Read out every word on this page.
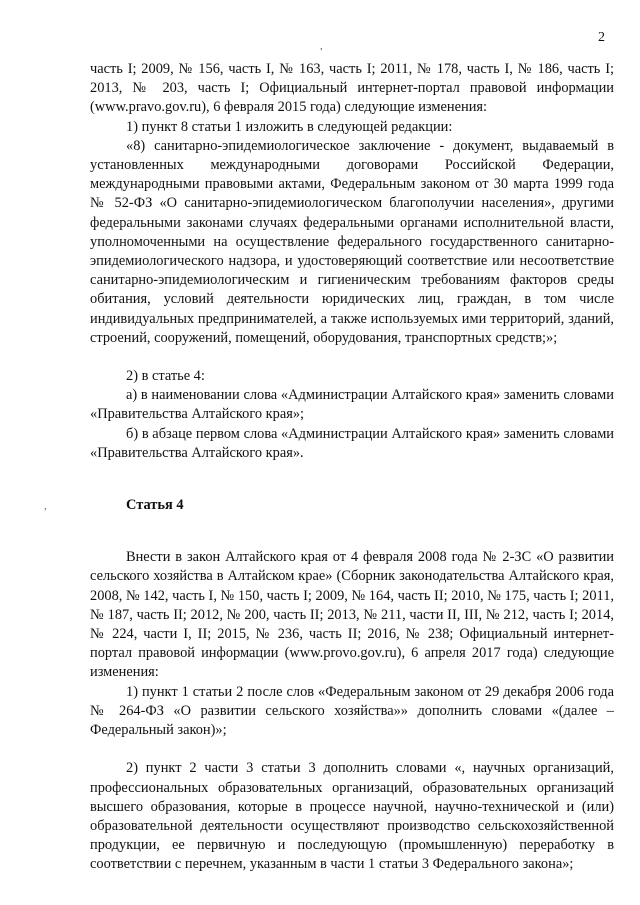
2
,
,

часть I; 2009, № 156, часть I, № 163, часть I; 2011, № 178, часть I, № 186, часть I; 2013, № 203, часть I; Официальный интернет-портал правовой информации (www.pravo.gov.ru), 6 февраля 2015 года) следующие изменения:

1) пункт 8 статьи 1 изложить в следующей редакции:

«8) санитарно-эпидемиологическое заключение - документ, выдаваемый в установленных международными договорами Российской Федерации, международными правовыми актами, Федеральным законом от 30 марта 1999 года № 52-ФЗ «О санитарно-эпидемиологическом благополучии населения», другими федеральными законами случаях федеральными органами исполнительной власти, уполномоченными на осуществление федерального государственного санитарно-эпидемиологического надзора, и удостоверяющий соответствие или несоответствие санитарно-эпидемиологическим и гигиеническим требованиям факторов среды обитания, условий деятельности юридических лиц, граждан, в том числе индивидуальных предпринимателей, а также используемых ими территорий, зданий, строений, сооружений, помещений, оборудования, транспортных средств;»;

2) в статье 4:

а) в наименовании слова «Администрации Алтайского края» заменить словами «Правительства Алтайского края»;

б) в абзаце первом слова «Администрации Алтайского края» заменить словами «Правительства Алтайского края».

Статья 4

Внести в закон Алтайского края от 4 февраля 2008 года № 2-ЗС «О развитии сельского хозяйства в Алтайском крае» (Сборник законодательства Алтайского края, 2008, № 142, часть I, № 150, часть I; 2009, № 164, часть II; 2010, № 175, часть I; 2011, № 187, часть II; 2012, № 200, часть II; 2013, № 211, части II, III, № 212, часть I; 2014, № 224, части I, II; 2015, № 236, часть II; 2016, № 238; Официальный интернет-портал правовой информации (www.provo.gov.ru), 6 апреля 2017 года) следующие изменения:

1) пункт 1 статьи 2 после слов «Федеральным законом от 29 декабря 2006 года № 264-ФЗ «О развитии сельского хозяйства»» дополнить словами «(далее – Федеральный закон)»;

2) пункт 2 части 3 статьи 3 дополнить словами «, научных организаций, профессиональных образовательных организаций, образовательных организаций высшего образования, которые в процессе научной, научно-технической и (или) образовательной деятельности осуществляют производство сельскохозяйственной продукции, ее первичную и последующую (промышленную) переработку в соответствии с перечнем, указанным в части 1 статьи 3 Федерального закона»;
